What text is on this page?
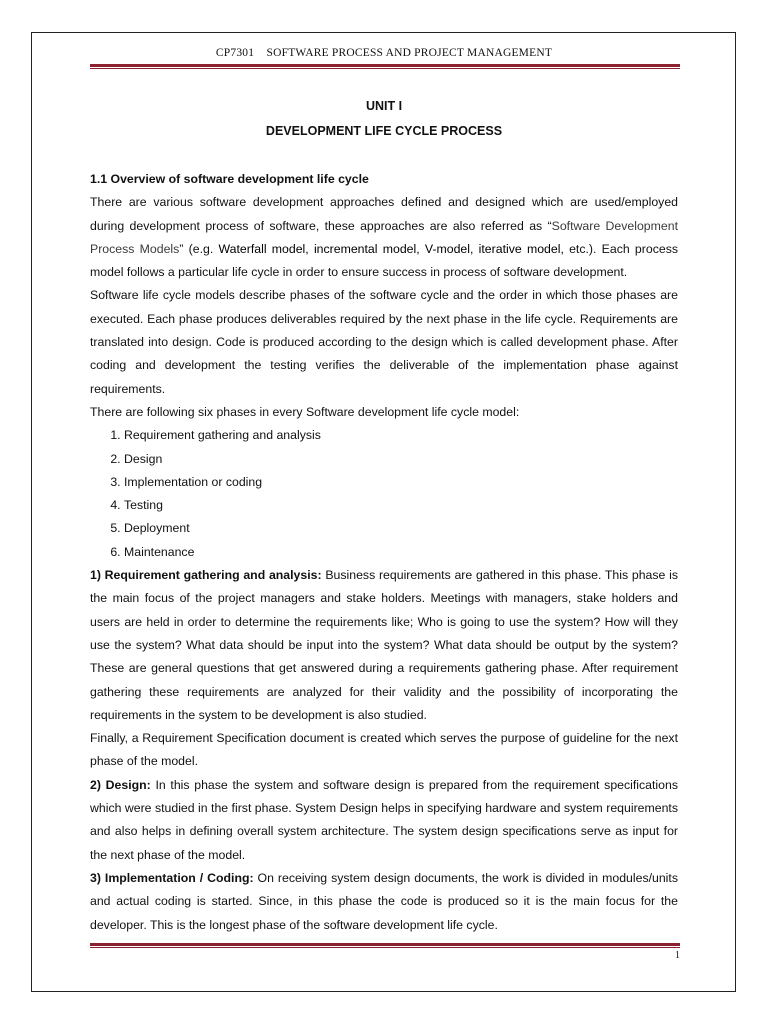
CP7301 SOFTWARE PROCESS AND PROJECT MANAGEMENT
UNIT I
DEVELOPMENT LIFE CYCLE PROCESS

1.1 Overview of software development life cycle

There are various software development approaches defined and designed which are used/employed during development process of software, these approaches are also referred as “Software Development Process Models” (e.g. Waterfall model, incremental model, V-model, iterative model, etc.). Each process model follows a particular life cycle in order to ensure success in process of software development.

Software life cycle models describe phases of the software cycle and the order in which those phases are executed. Each phase produces deliverables required by the next phase in the life cycle. Requirements are translated into design. Code is produced according to the design which is called development phase. After coding and development the testing verifies the deliverable of the implementation phase against requirements.

There are following six phases in every Software development life cycle model:

1. Requirement gathering and analysis
2. Design
3. Implementation or coding
4. Testing
5. Deployment
6. Maintenance

1) Requirement gathering and analysis: Business requirements are gathered in this phase. This phase is the main focus of the project managers and stake holders. Meetings with managers, stake holders and users are held in order to determine the requirements like; Who is going to use the system? How will they use the system? What data should be input into the system? What data should be output by the system? These are general questions that get answered during a requirements gathering phase. After requirement gathering these requirements are analyzed for their validity and the possibility of incorporating the requirements in the system to be development is also studied.

Finally, a Requirement Specification document is created which serves the purpose of guideline for the next phase of the model.

2) Design: In this phase the system and software design is prepared from the requirement specifications which were studied in the first phase. System Design helps in specifying hardware and system requirements and also helps in defining overall system architecture. The system design specifications serve as input for the next phase of the model.

3) Implementation / Coding: On receiving system design documents, the work is divided in modules/units and actual coding is started. Since, in this phase the code is produced so it is the main focus for the developer. This is the longest phase of the software development life cycle.

1
